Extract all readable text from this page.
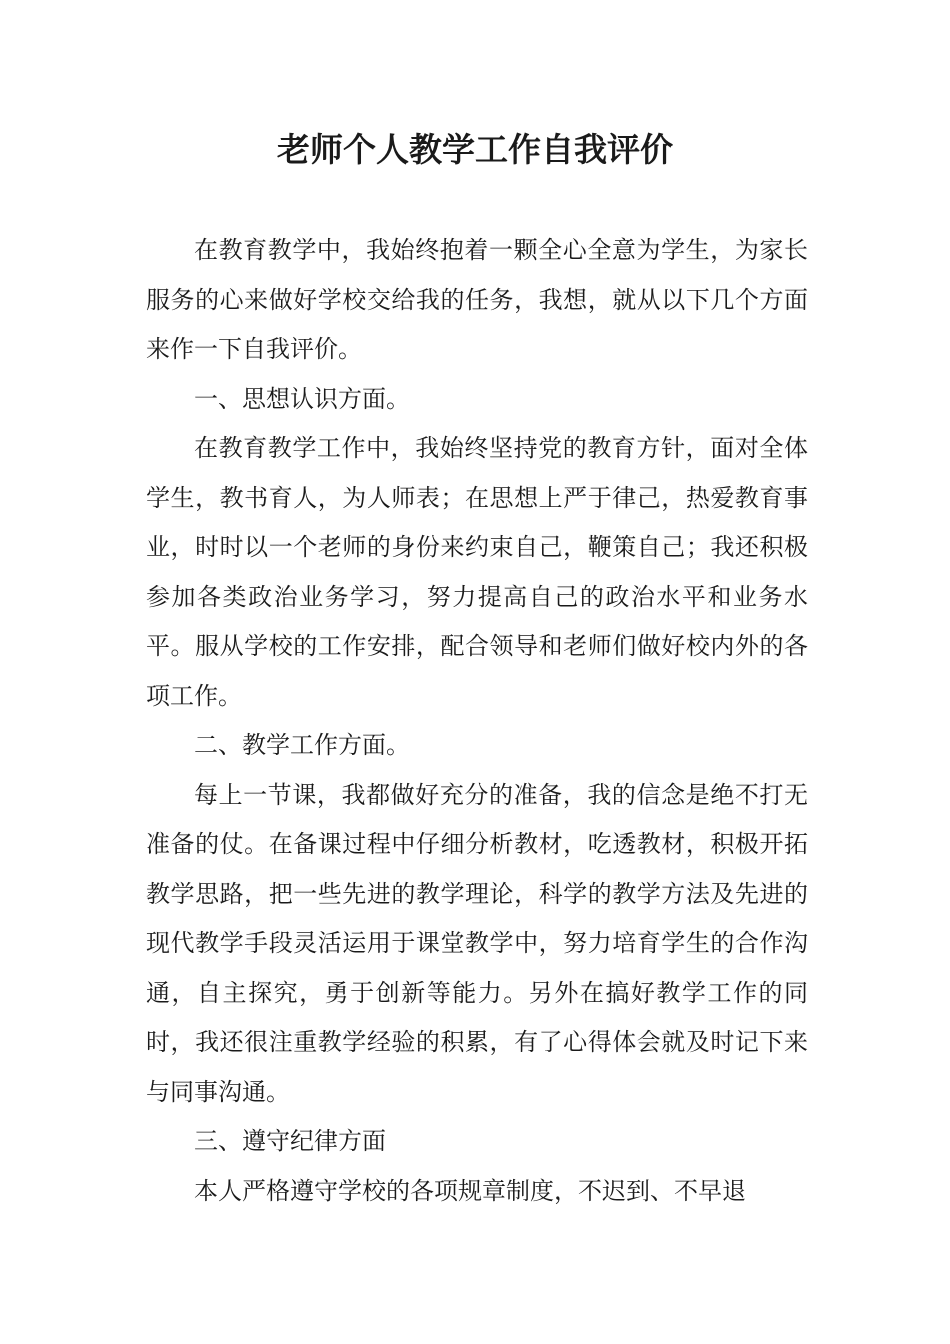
老师个人教学工作自我评价

在教育教学中，我始终抱着一颗全心全意为学生，为家长服务的心来做好学校交给我的任务，我想，就从以下几个方面来作一下自我评价。

一、思想认识方面。

在教育教学工作中，我始终坚持党的教育方针，面对全体学生，教书育人，为人师表；在思想上严于律己，热爱教育事业，时时以一个老师的身份来约束自己，鞭策自己；我还积极参加各类政治业务学习，努力提高自己的政治水平和业务水平。服从学校的工作安排，配合领导和老师们做好校内外的各项工作。

二、教学工作方面。

每上一节课，我都做好充分的准备，我的信念是绝不打无准备的仗。在备课过程中仔细分析教材，吃透教材，积极开拓教学思路，把一些先进的教学理论，科学的教学方法及先进的现代教学手段灵活运用于课堂教学中，努力培育学生的合作沟通，自主探究，勇于创新等能力。另外在搞好教学工作的同时，我还很注重教学经验的积累，有了心得体会就及时记下来与同事沟通。

三、遵守纪律方面

本人严格遵守学校的各项规章制度，不迟到、不早退
